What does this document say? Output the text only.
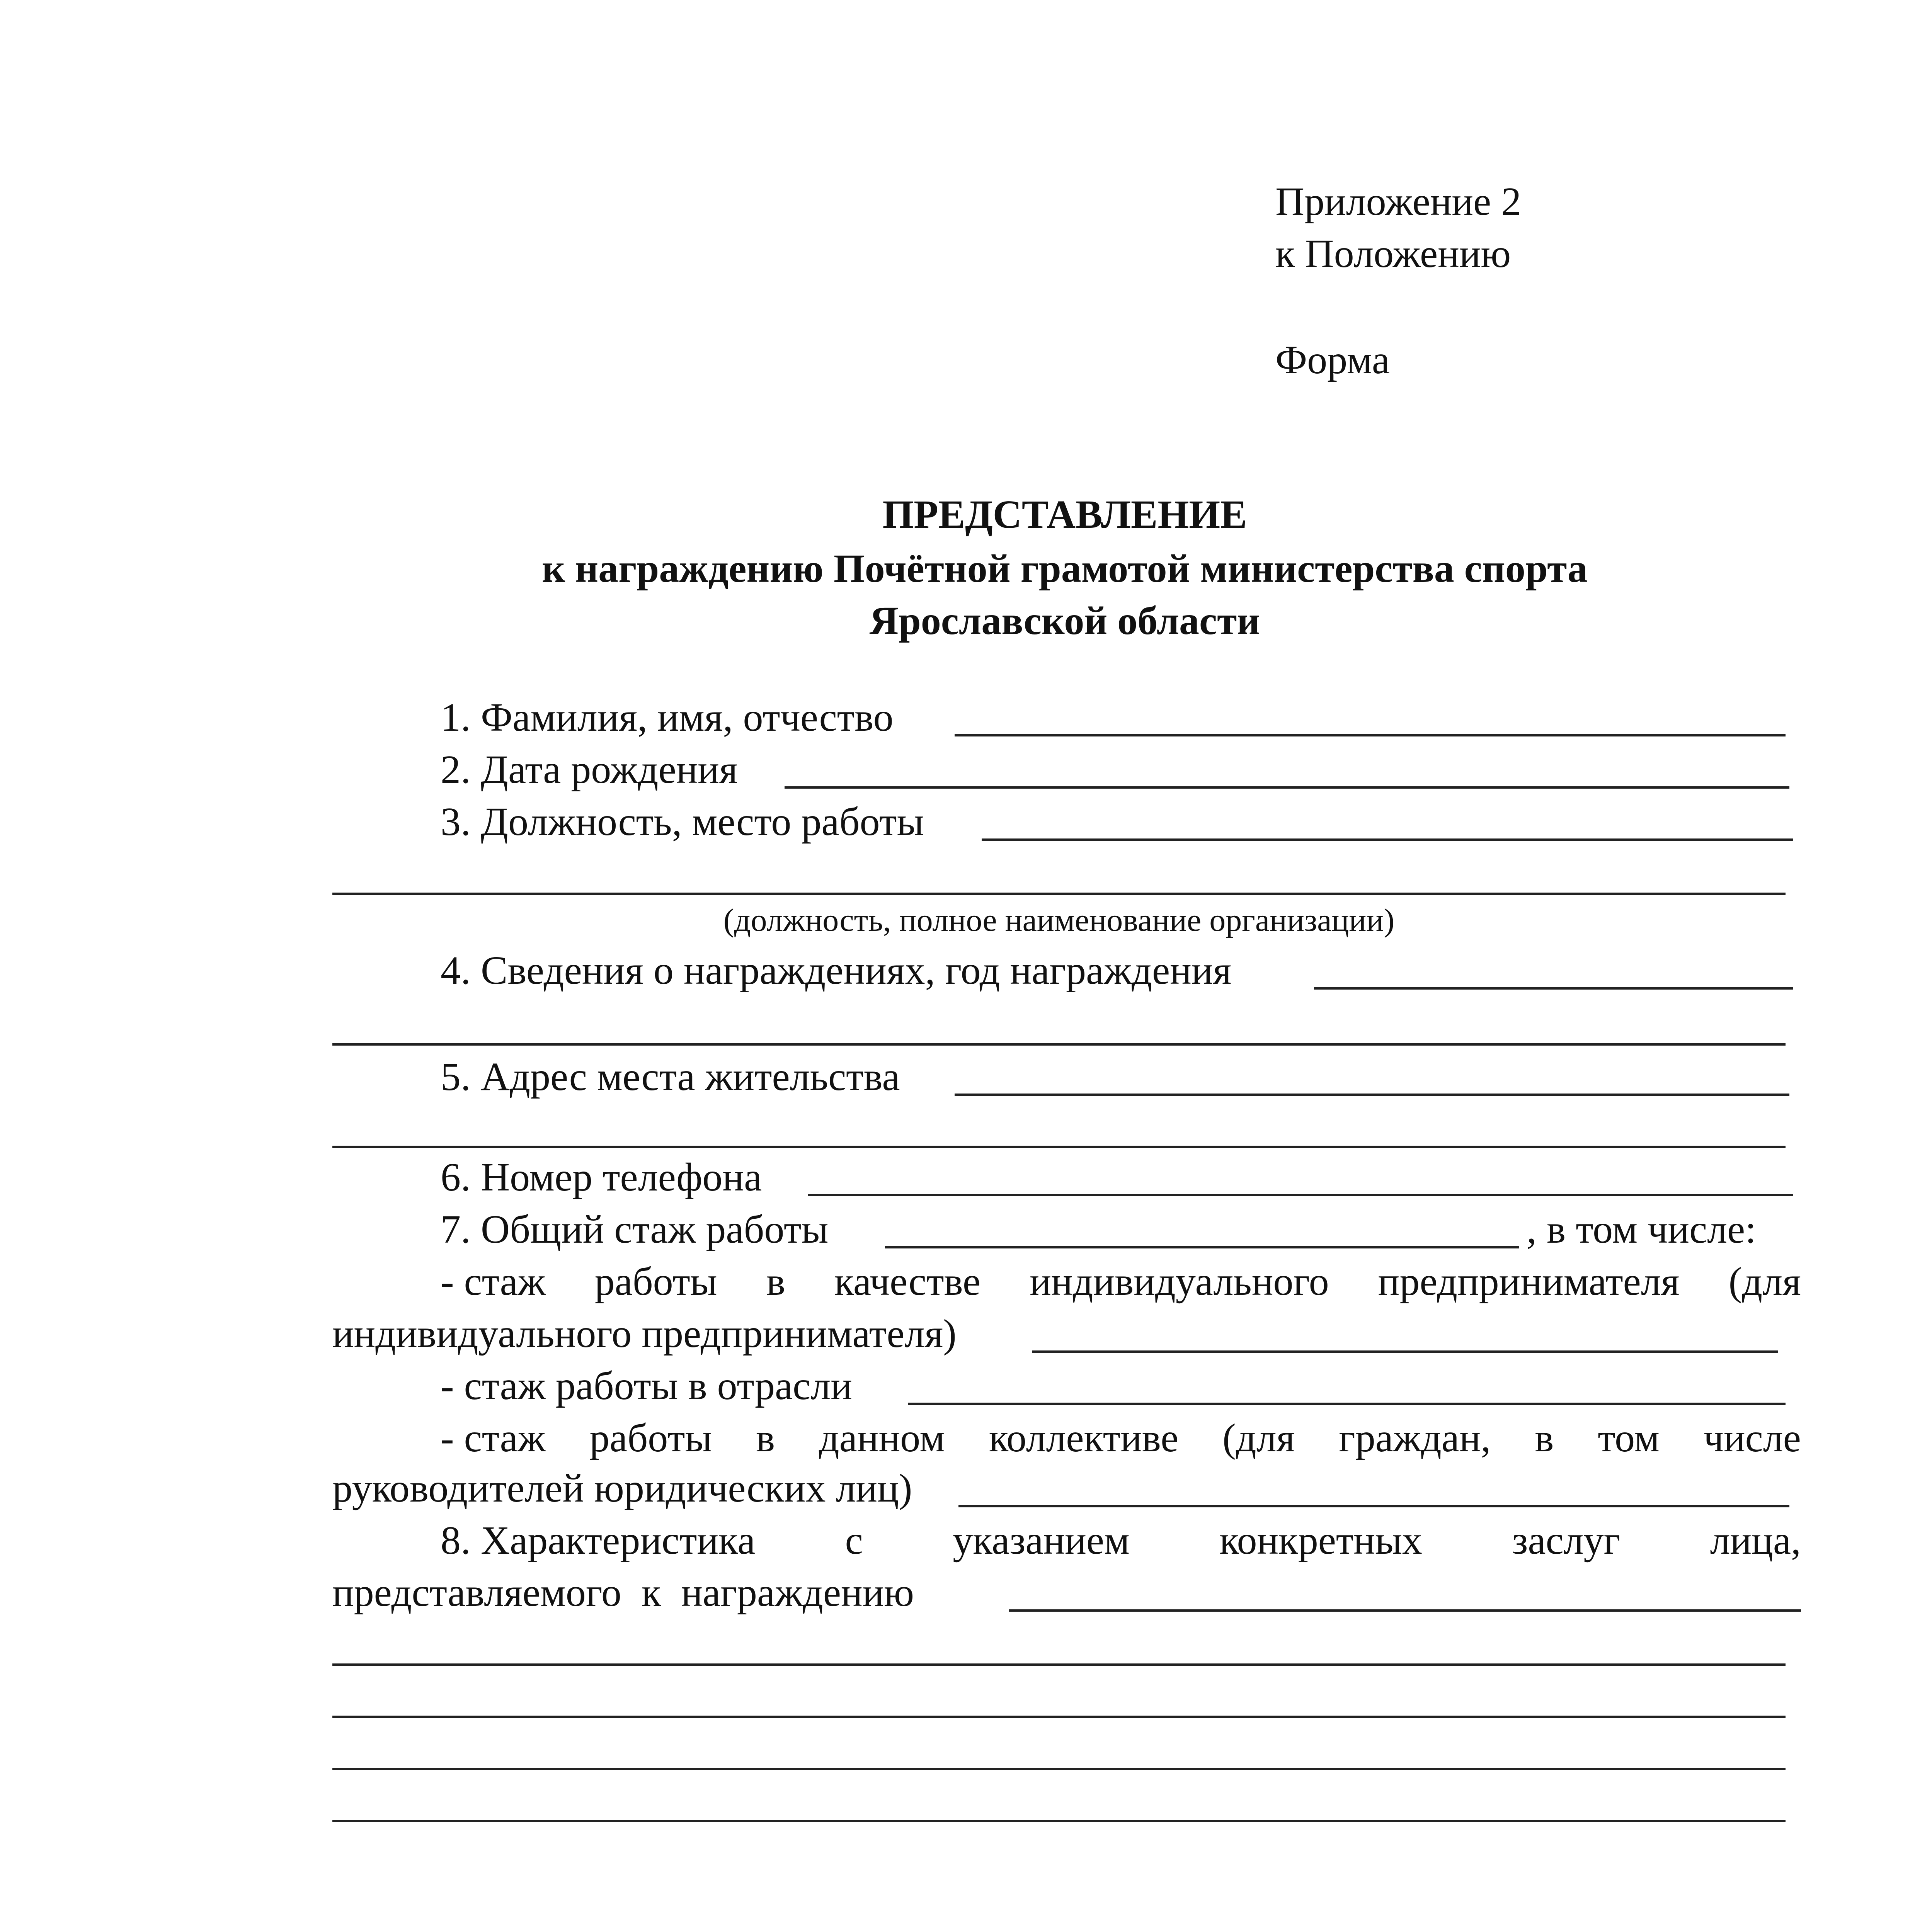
Приложение 2
к Положению
Форма
ПРЕДСТАВЛЕНИЕ
к награждению Почётной грамотой министерства спорта
Ярославской области
1. Фамилия, имя, отчество
2. Дата рождения
3. Должность, место работы
(должность, полное наименование организации)
4. Сведения о награждениях, год награждения
5. Адрес места жительства
6. Номер телефона
7. Общий стаж работы	, в том числе:
- стаж работы в качестве индивидуального предпринимателя (для
индивидуального предпринимателя)
- стаж работы в отрасли
- стаж работы в данном коллективе (для граждан, в том числе
руководителей юридических лиц)
8. Характеристика с указанием конкретных заслуг лица,
представляемого  к  награждению
